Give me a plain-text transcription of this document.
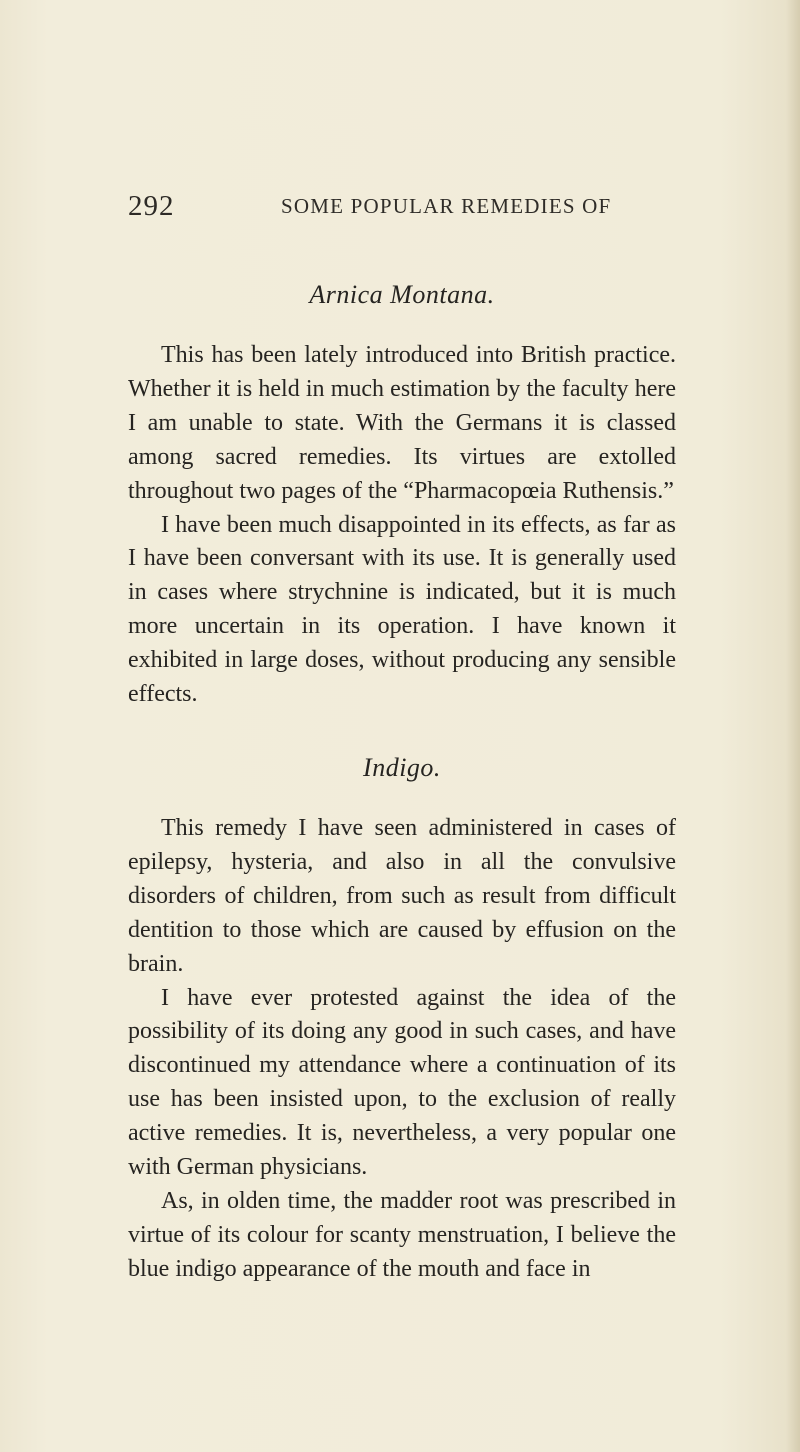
292	SOME POPULAR REMEDIES OF
Arnica Montana.

This has been lately introduced into British practice. Whether it is held in much estimation by the faculty here I am unable to state. With the Germans it is classed among sacred remedies. Its virtues are extolled throughout two pages of the “Pharmacopœia Ruthensis.”

I have been much disappointed in its effects, as far as I have been conversant with its use. It is generally used in cases where strychnine is indicated, but it is much more uncertain in its operation. I have known it exhibited in large doses, without producing any sensible effects.

Indigo.

This remedy I have seen administered in cases of epilepsy, hysteria, and also in all the convulsive disorders of children, from such as result from difficult dentition to those which are caused by effusion on the brain.

I have ever protested against the idea of the possibility of its doing any good in such cases, and have discontinued my attendance where a continuation of its use has been insisted upon, to the exclusion of really active remedies. It is, nevertheless, a very popular one with German physicians.

As, in olden time, the madder root was prescribed in virtue of its colour for scanty menstruation, I believe the blue indigo appearance of the mouth and face in
